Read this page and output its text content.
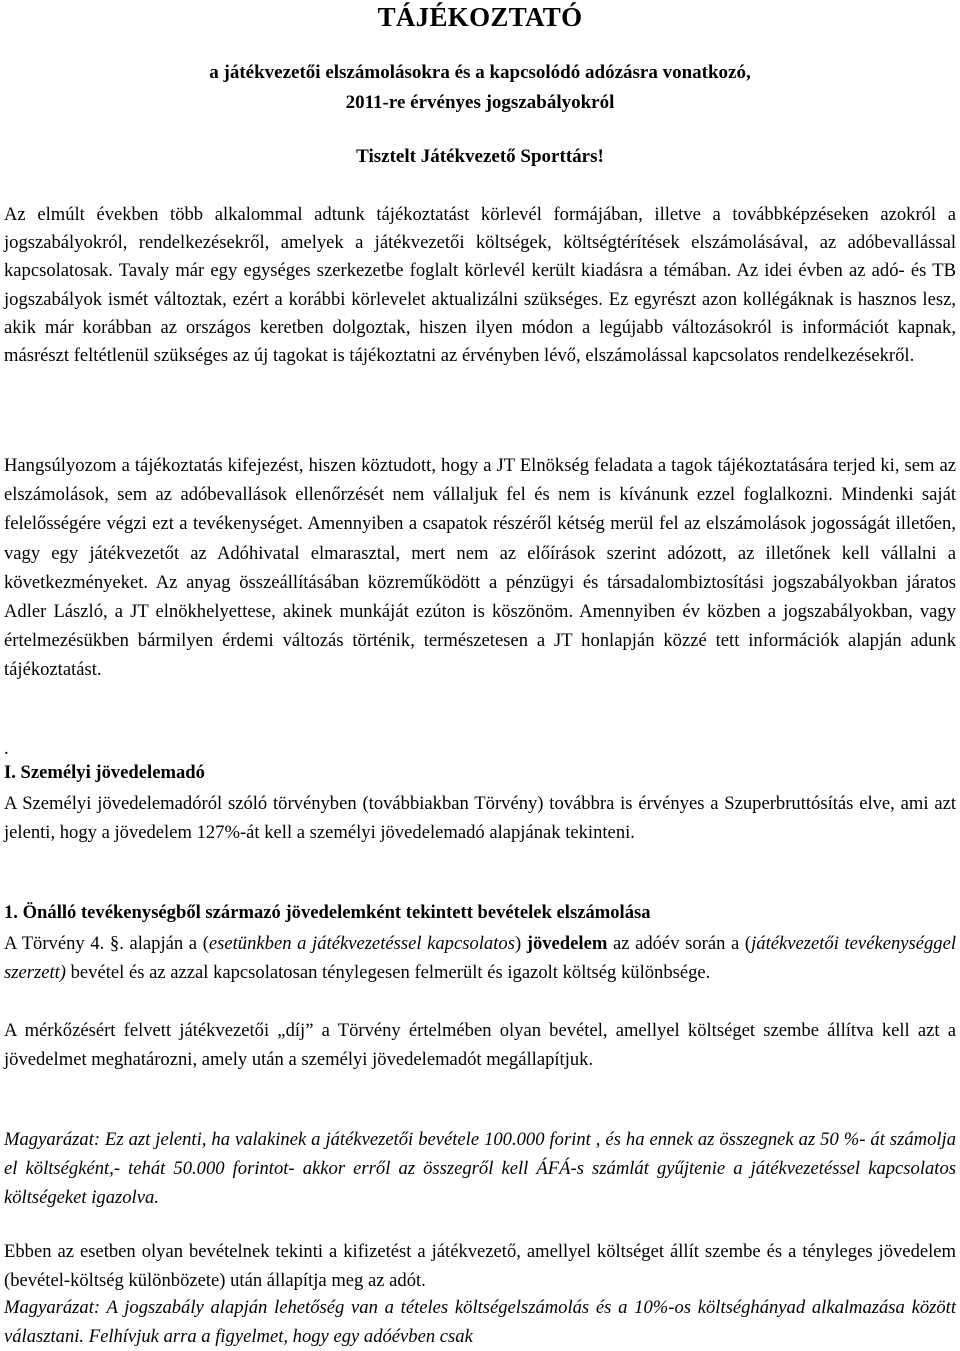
TÁJÉKOZTATÓ
a játékvezetői elszámolásokra és a kapcsolódó adózásra vonatkozó,
2011-re érvényes jogszabályokról
Tisztelt Játékvezető Sporttárs!

Az elmúlt években több alkalommal adtunk tájékoztatást körlevél formájában, illetve a továbbképzéseken azokról a jogszabályokról, rendelkezésekről, amelyek a játékvezetői költségek, költségtérítések elszámolásával, az adóbevallással kapcsolatosak. Tavaly már egy egységes szerkezetbe foglalt körlevél került kiadásra a témában. Az idei évben az adó- és TB jogszabályok ismét változtak, ezért a korábbi körlevelet aktualizálni szükséges. Ez egyrészt azon kollégáknak is hasznos lesz, akik már korábban az országos keretben dolgoztak, hiszen ilyen módon a legújabb változásokról is információt kapnak, másrészt feltétlenül szükséges az új tagokat is tájékoztatni az érvényben lévő, elszámolással kapcsolatos rendelkezésekről.

Hangsúlyozom a tájékoztatás kifejezést, hiszen köztudott, hogy a JT Elnökség feladata a tagok tájékoztatására terjed ki, sem az elszámolások, sem az adóbevallások ellenőrzését nem vállaljuk fel és nem is kívánunk ezzel foglalkozni. Mindenki saját felelősségére végzi ezt a tevékenységet. Amennyiben a csapatok részéről kétség merül fel az elszámolások jogosságát illetően, vagy egy játékvezetőt az Adóhivatal elmarasztal, mert nem az előírások szerint adózott, az illetőnek kell vállalni a következményeket. Az anyag összeállításában közreműködött a pénzügyi és társadalombiztosítási jogszabályokban járatos Adler László, a JT elnökhelyettese, akinek munkáját ezúton is köszönöm. Amennyiben év közben a jogszabályokban, vagy értelmezésükben bármilyen érdemi változás történik, természetesen a JT honlapján közzé tett információk alapján adunk tájékoztatást.

.

I. Személyi jövedelemadó

A Személyi jövedelemadóról szóló törvényben (továbbiakban Törvény) továbbra is érvényes a Szuperbruttósítás elve, ami azt jelenti, hogy a jövedelem 127%-át kell a személyi jövedelemadó alapjának tekinteni.

1. Önálló tevékenységből származó jövedelemként tekintett bevételek elszámolása

A Törvény 4. §. alapján a (esetünkben a játékvezetéssel kapcsolatos) jövedelem az adóév során a (játékvezetői tevékenységgel szerzett) bevétel és az azzal kapcsolatosan ténylegesen felmerült és igazolt költség különbsége.

A mérkőzésért felvett játékvezetői „díj” a Törvény értelmében olyan bevétel, amellyel költséget szembe állítva kell azt a jövedelmet meghatározni, amely után a személyi jövedelemadót megállapítjuk.

Magyarázat: Ez azt jelenti, ha valakinek a játékvezetői bevétele 100.000 forint , és ha ennek az összegnek az 50 %- át számolja el költségként,- tehát 50.000 forintot- akkor erről az összegről kell ÁFÁ-s számlát gyűjtenie a játékvezetéssel kapcsolatos költségeket igazolva.

Ebben az esetben olyan bevételnek tekinti a kifizetést a játékvezető, amellyel költséget állít szembe és a tényleges jövedelem (bevétel-költség különbözete) után állapítja meg az adót.

Magyarázat: A jogszabály alapján lehetőség van a tételes költségelszámolás és a 10%-os költséghányad alkalmazása között választani. Felhívjuk arra a figyelmet, hogy egy adóévben csak
